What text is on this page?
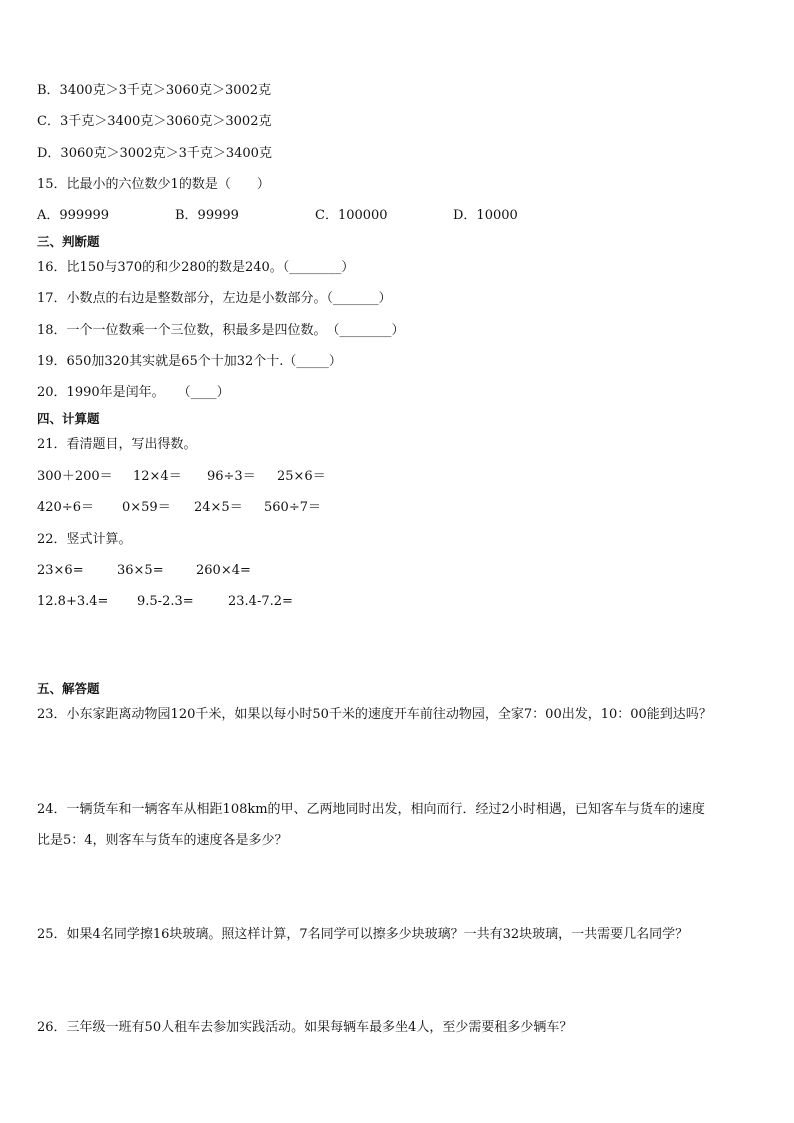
B．3400克＞3千克＞3060克＞3002克
C．3千克＞3400克＞3060克＞3002克
D．3060克＞3002克＞3千克＞3400克
15．比最小的六位数少1的数是（　　）
A．999999	B．99999	C．100000	D．10000
三、判断题
16．比150与370的和少280的数是240。（________）
17．小数点的右边是整数部分，左边是小数部分。（_______）
18．一个一位数乘一个三位数，积最多是四位数。　（________）
19．650加320其实就是65个十加32个十.（_____）
20．1990年是闰年。　　（____）
四、计算题
21．看清题目，写出得数。
300＋200＝ 12×4＝ 96÷3＝ 25×6＝
420÷6＝ 0×59＝ 24×5＝ 560÷7＝
22．竖式计算。
23×6=	36×5= 260×4=
12.8+3.4= 9.5-2.3=	23.4-7.2=
五、解答题
23．小东家距离动物园120千米，如果以每小时50千米的速度开车前往动物园，全家7：00出发，10：00能到达吗？
24．一辆货车和一辆客车从相距108km的甲、乙两地同时出发，相向而行．经过2小时相遇，已知客车与货车的速度
比是5：4，则客车与货车的速度各是多少？
25．如果4名同学擦16块玻璃。照这样计算，7名同学可以擦多少块玻璃？一共有32块玻璃，一共需要几名同学？
26．三年级一班有50人租车去参加实践活动。如果每辆车最多坐4人，至少需要租多少辆车？
